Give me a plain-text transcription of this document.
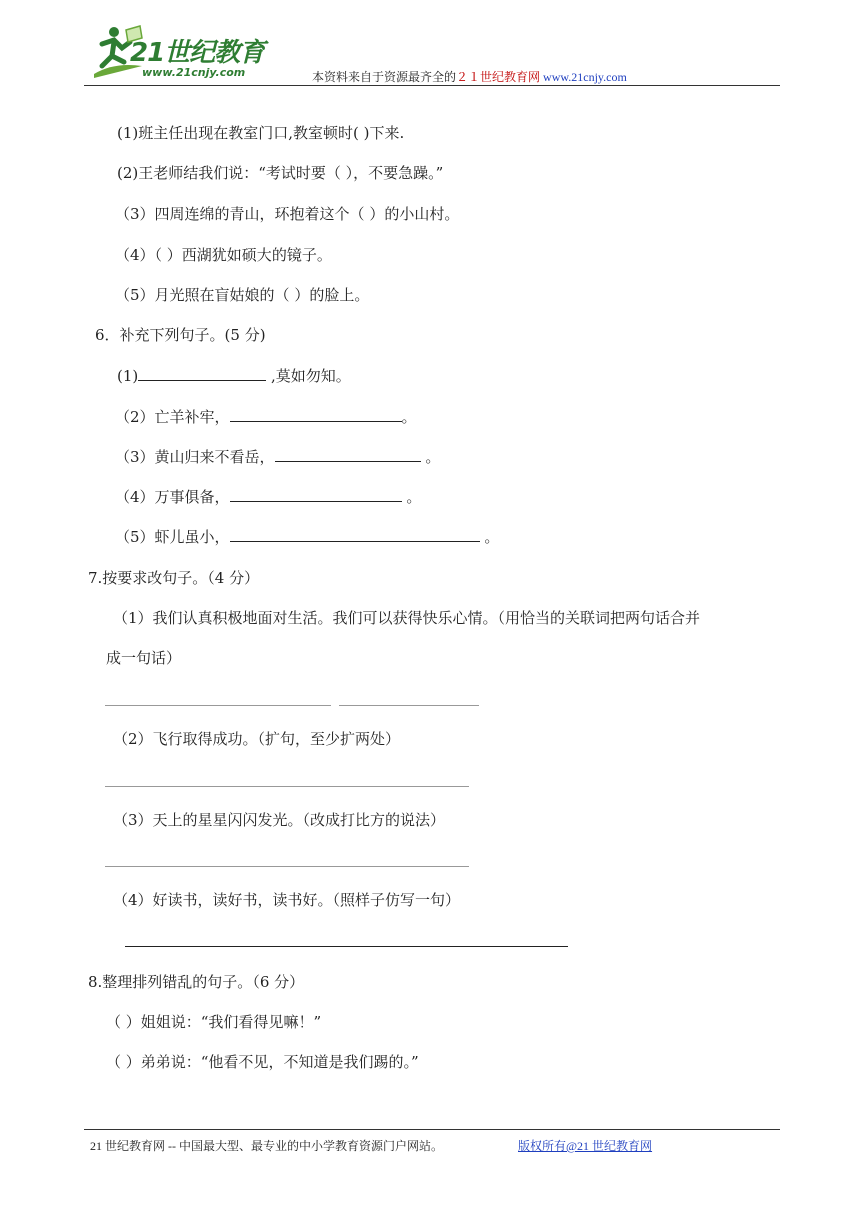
21世纪教育
www.21cnjy.com	本资料来自于资源最齐全的２１世纪教育网 www.21cnjy.com
(1)班主任出现在教室门口,教室顿时( )下来.
(2)王老师结我们说：“考试时要（ ），不要急躁。”
（3）四周连绵的青山，环抱着这个（ ）的小山村。
（4）（ ）西湖犹如硕大的镜子。
（5）月光照在盲姑娘的（ ）的脸上。
6．补充下列句子。(5 分)
(1)	,莫如勿知。
（2）亡羊补牢，	。
（3）黄山归来不看岳，	。
（4）万事俱备，	。
（5）虾儿虽小，	。
7.按要求改句子。（4 分）
（1）我们认真积极地面对生活。我们可以获得快乐心情。（用恰当的关联词把两句话合并
成一句话）
（2）飞行取得成功。（扩句，至少扩两处）
（3）天上的星星闪闪发光。（改成打比方的说法）
（4）好读书，读好书，读书好。（照样子仿写一句）
8.整理排列错乱的句子。（6 分）
（ ）姐姐说：“我们看得见嘛！”
（ ）弟弟说：“他看不见，不知道是我们踢的。”
21 世纪教育网 -- 中国最大型、最专业的中小学教育资源门户网站。	版权所有@21 世纪教育网
